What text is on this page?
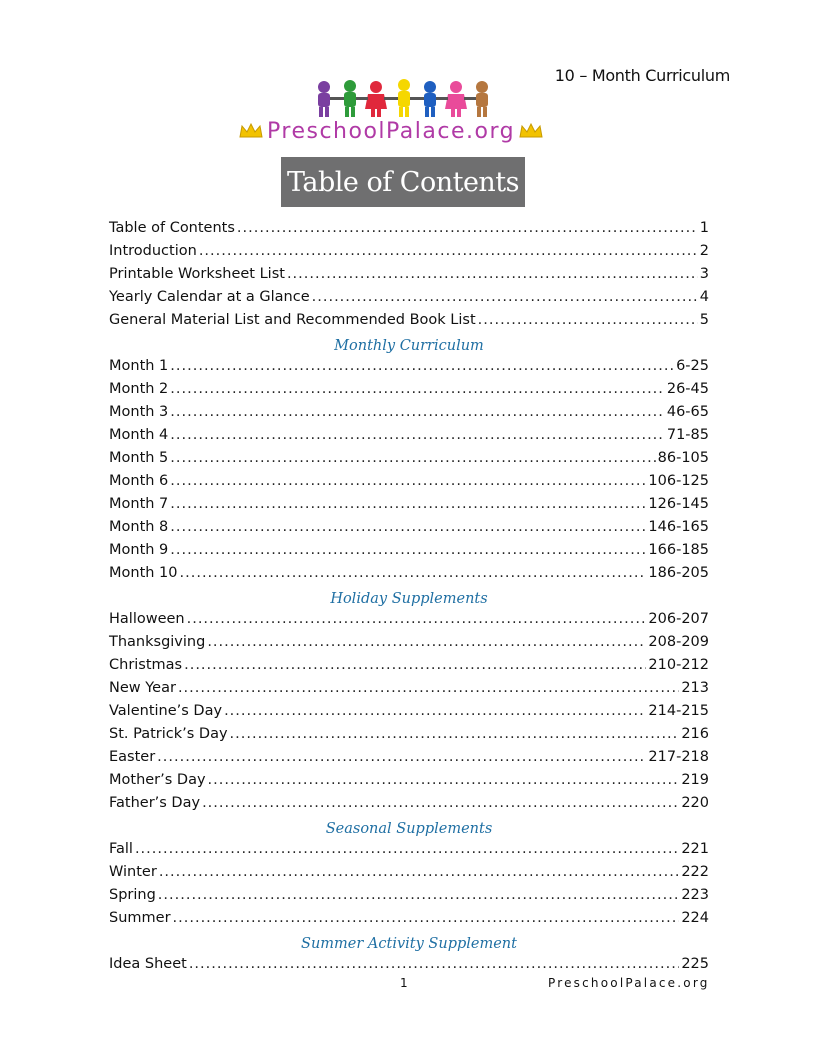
10 – Month Curriculum
PreschoolPalace.org
Table of Contents
Table of Contents .....	1
Introduction .....	2
Printable Worksheet List .....	3
Yearly Calendar at a Glance .....	4
General Material List and Recommended Book List .....	5
Monthly Curriculum
Month 1 .....	6-25
Month 2 .....	26-45
Month 3 .....	46-65
Month 4 .....	71-85
Month 5 .....	86-105
Month 6 .....	106-125
Month 7 .....	126-145
Month 8 .....	146-165
Month 9 .....	166-185
Month 10 .....	186-205
Holiday Supplements
Halloween .....	206-207
Thanksgiving .....	208-209
Christmas .....	210-212
New Year .....	213
Valentine’s Day .....	214-215
St. Patrick’s Day .....	216
Easter .....	217-218
Mother’s Day .....	219
Father’s Day .....	220
Seasonal Supplements
Fall .....	221
Winter .....	222
Spring .....	223
Summer .....	224
Summer Activity Supplement
Idea Sheet .....	225
1	PreschoolPalace.org
